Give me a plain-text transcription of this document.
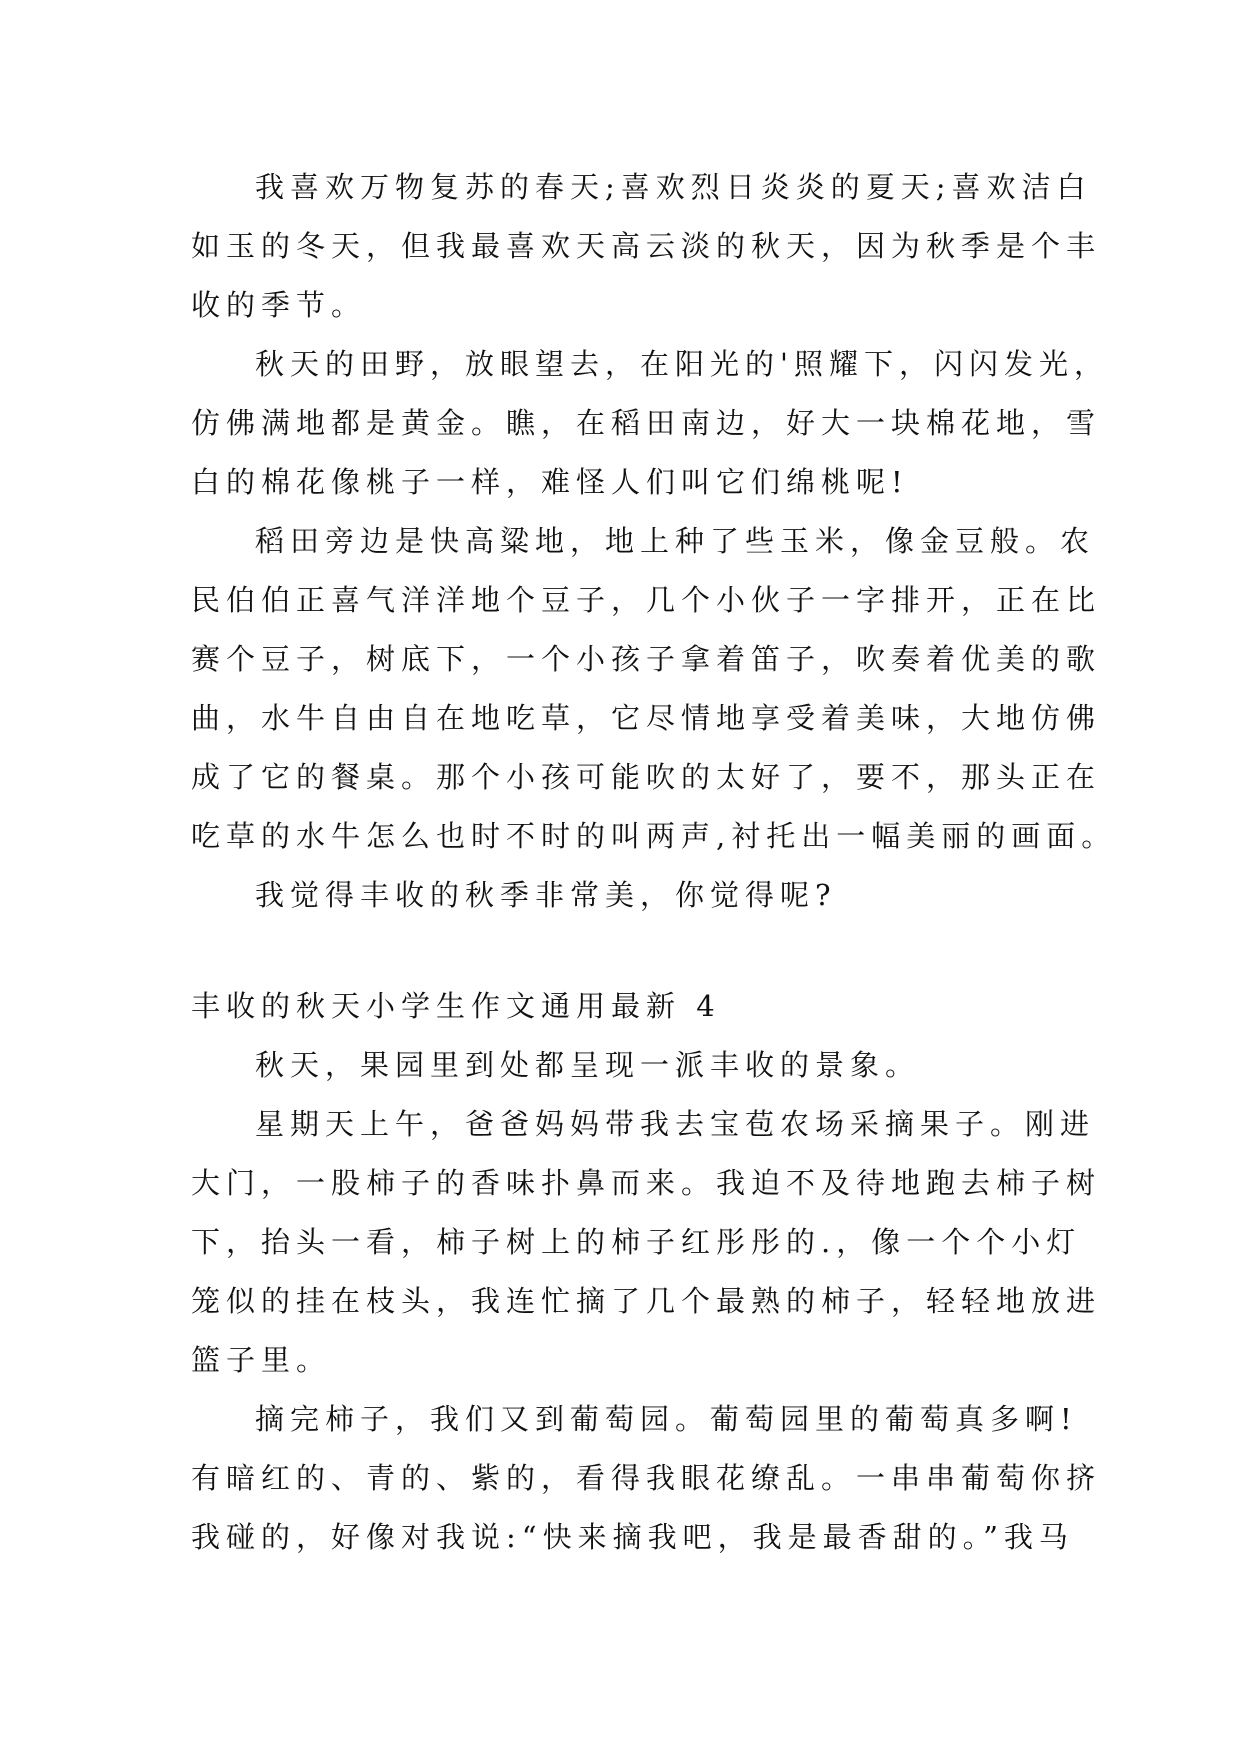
我喜欢万物复苏的春天;喜欢烈日炎炎的夏天;喜欢洁白
如玉的冬天，但我最喜欢天高云淡的秋天，因为秋季是个丰
收的季节。
秋天的田野，放眼望去，在阳光的'照耀下，闪闪发光，
仿佛满地都是黄金。瞧，在稻田南边，好大一块棉花地，雪
白的棉花像桃子一样，难怪人们叫它们绵桃呢!
稻田旁边是快高粱地，地上种了些玉米，像金豆般。农
民伯伯正喜气洋洋地个豆子，几个小伙子一字排开，正在比
赛个豆子，树底下，一个小孩子拿着笛子，吹奏着优美的歌
曲，水牛自由自在地吃草，它尽情地享受着美味，大地仿佛
成了它的餐桌。那个小孩可能吹的太好了，要不，那头正在
吃草的水牛怎么也时不时的叫两声,衬托出一幅美丽的画面。
我觉得丰收的秋季非常美，你觉得呢?
丰收的秋天小学生作文通用最新 4
秋天，果园里到处都呈现一派丰收的景象。
星期天上午，爸爸妈妈带我去宝苞农场采摘果子。刚进
大门，一股柿子的香味扑鼻而来。我迫不及待地跑去柿子树
下，抬头一看，柿子树上的柿子红彤彤的.，像一个个小灯
笼似的挂在枝头，我连忙摘了几个最熟的柿子，轻轻地放进
篮子里。
摘完柿子，我们又到葡萄园。葡萄园里的葡萄真多啊!
有暗红的、青的、紫的，看得我眼花缭乱。一串串葡萄你挤
我碰的，好像对我说:“快来摘我吧，我是最香甜的。”我马
